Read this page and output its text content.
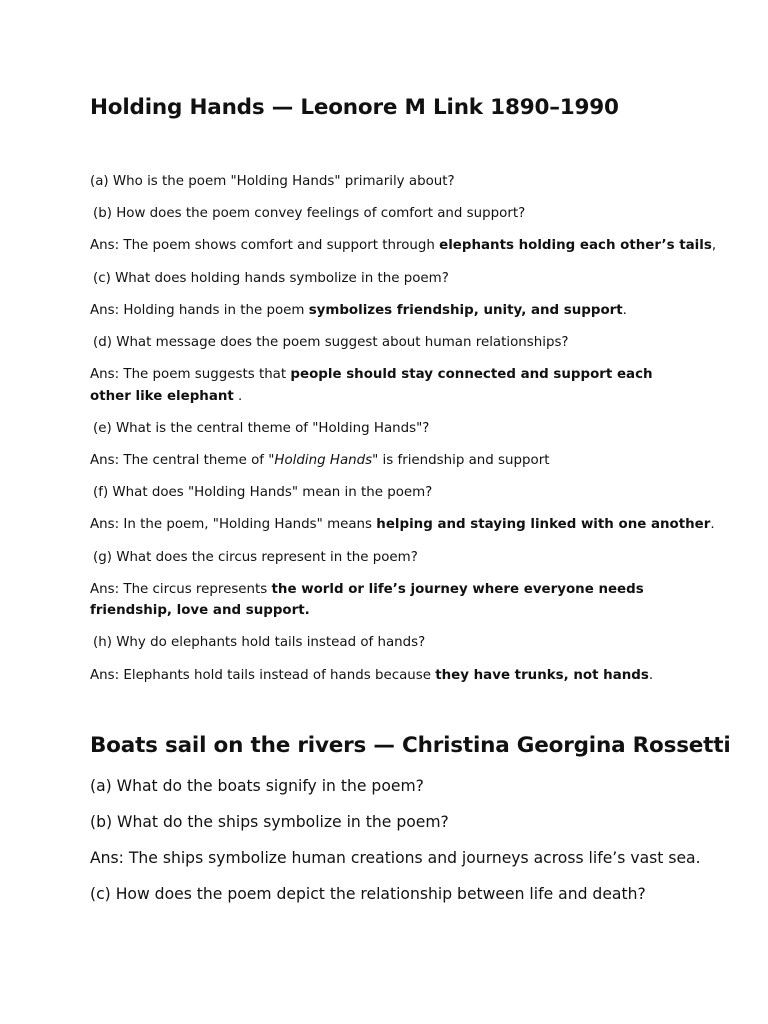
Holding Hands — Leonore M Link 1890–1990

(a) Who is the poem "Holding Hands" primarily about?

(b) How does the poem convey feelings of comfort and support?

Ans: The poem shows comfort and support through elephants holding each other’s tails,

(c) What does holding hands symbolize in the poem?

Ans: Holding hands in the poem symbolizes friendship, unity, and support.

(d) What message does the poem suggest about human relationships?

Ans: The poem suggests that people should stay connected and support each other like elephant .

(e) What is the central theme of "Holding Hands"?

Ans: The central theme of "Holding Hands" is friendship and support

(f) What does "Holding Hands" mean in the poem?

Ans: In the poem, "Holding Hands" means helping and staying linked with one another.

(g) What does the circus represent in the poem?

Ans: The circus represents the world or life’s journey where everyone needs friendship, love and support.

(h) Why do elephants hold tails instead of hands?

Ans: Elephants hold tails instead of hands because they have trunks, not hands.

Boats sail on the rivers — Christina Georgina Rossetti

(a) What do the boats signify in the poem?

(b) What do the ships symbolize in the poem?

Ans: The ships symbolize human creations and journeys across life’s vast sea.

(c) How does the poem depict the relationship between life and death?
